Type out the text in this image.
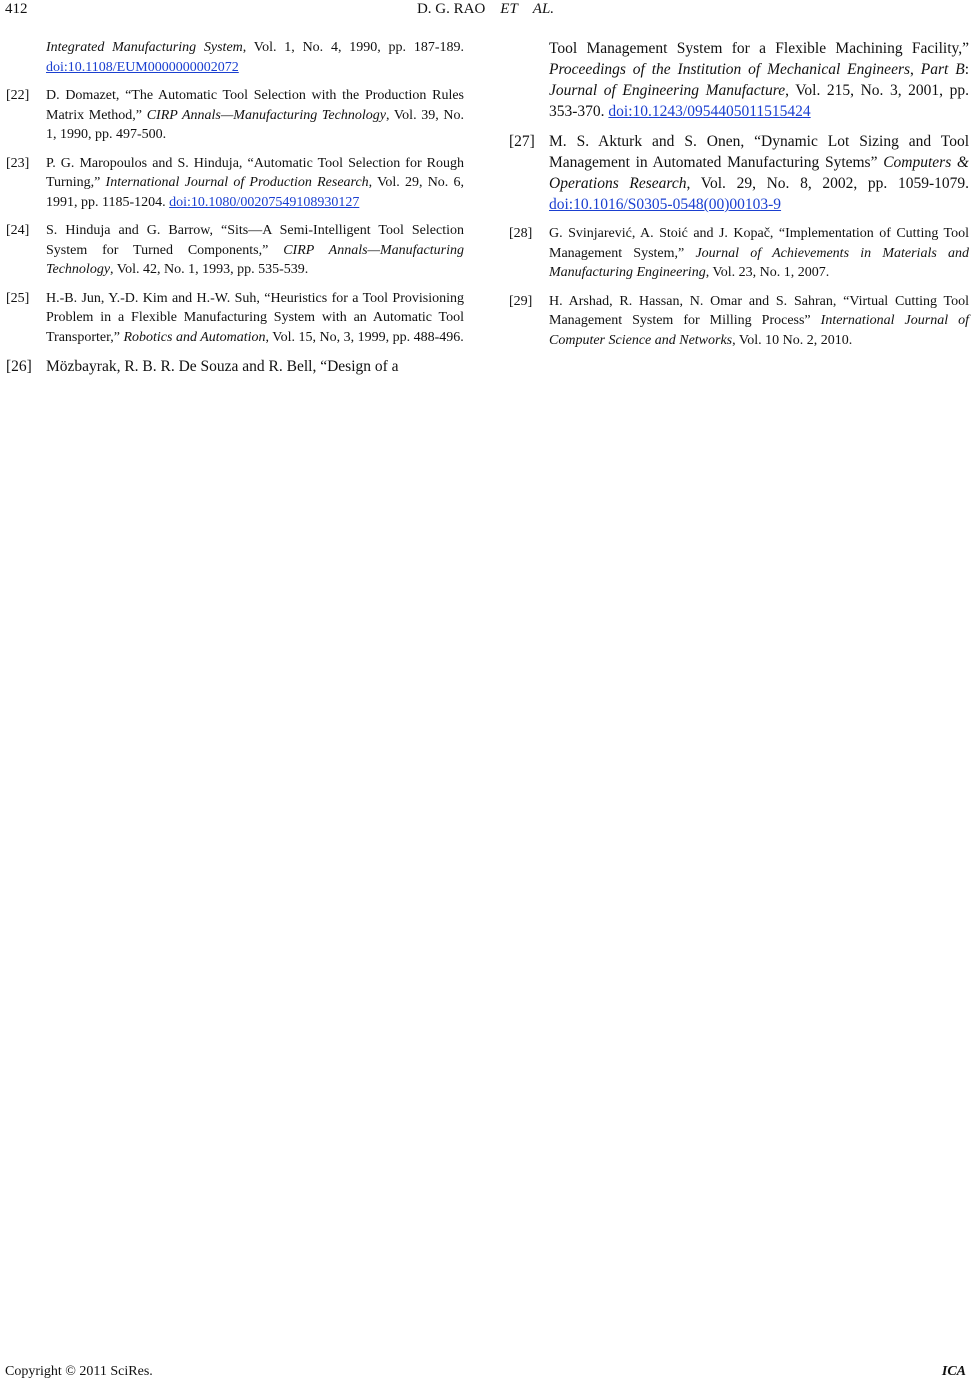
412	D. G. RAO ET AL.
Integrated Manufacturing System, Vol. 1, No. 4, 1990, pp. 187-189. doi:10.1108/EUM0000000002072
[22] D. Domazet, “The Automatic Tool Selection with the Production Rules Matrix Method,” CIRP Annals—Manufacturing Technology, Vol. 39, No. 1, 1990, pp. 497-500.
[23] P. G. Maropoulos and S. Hinduja, “Automatic Tool Selection for Rough Turning,” International Journal of Production Research, Vol. 29, No. 6, 1991, pp. 1185-1204. doi:10.1080/00207549108930127
[24] S. Hinduja and G. Barrow, “Sits—A Semi-Intelligent Tool Selection System for Turned Components,” CIRP Annals—Manufacturing Technology, Vol. 42, No. 1, 1993, pp. 535-539.
[25] H.-B. Jun, Y.-D. Kim and H.-W. Suh, “Heuristics for a Tool Provisioning Problem in a Flexible Manufacturing System with an Automatic Tool Transporter,” Robotics and Automation, Vol. 15, No, 3, 1999, pp. 488-496.
[26] Mözbayrak, R. B. R. De Souza and R. Bell, “Design of a
Tool Management System for a Flexible Machining Facility,” Proceedings of the Institution of Mechanical Engineers, Part B: Journal of Engineering Manufacture, Vol. 215, No. 3, 2001, pp. 353-370. doi:10.1243/0954405011515424
[27] M. S. Akturk and S. Onen, “Dynamic Lot Sizing and Tool Management in Automated Manufacturing Sytems” Computers & Operations Research, Vol. 29, No. 8, 2002, pp. 1059-1079. doi:10.1016/S0305-0548(00)00103-9
[28] G. Svinjarević, A. Stoić and J. Kopač, “Implementation of Cutting Tool Management System,” Journal of Achievements in Materials and Manufacturing Engineering, Vol. 23, No. 1, 2007.
[29] H. Arshad, R. Hassan, N. Omar and S. Sahran, “Virtual Cutting Tool Management System for Milling Process” International Journal of Computer Science and Networks, Vol. 10 No. 2, 2010.
Copyright © 2011 SciRes.	ICA
